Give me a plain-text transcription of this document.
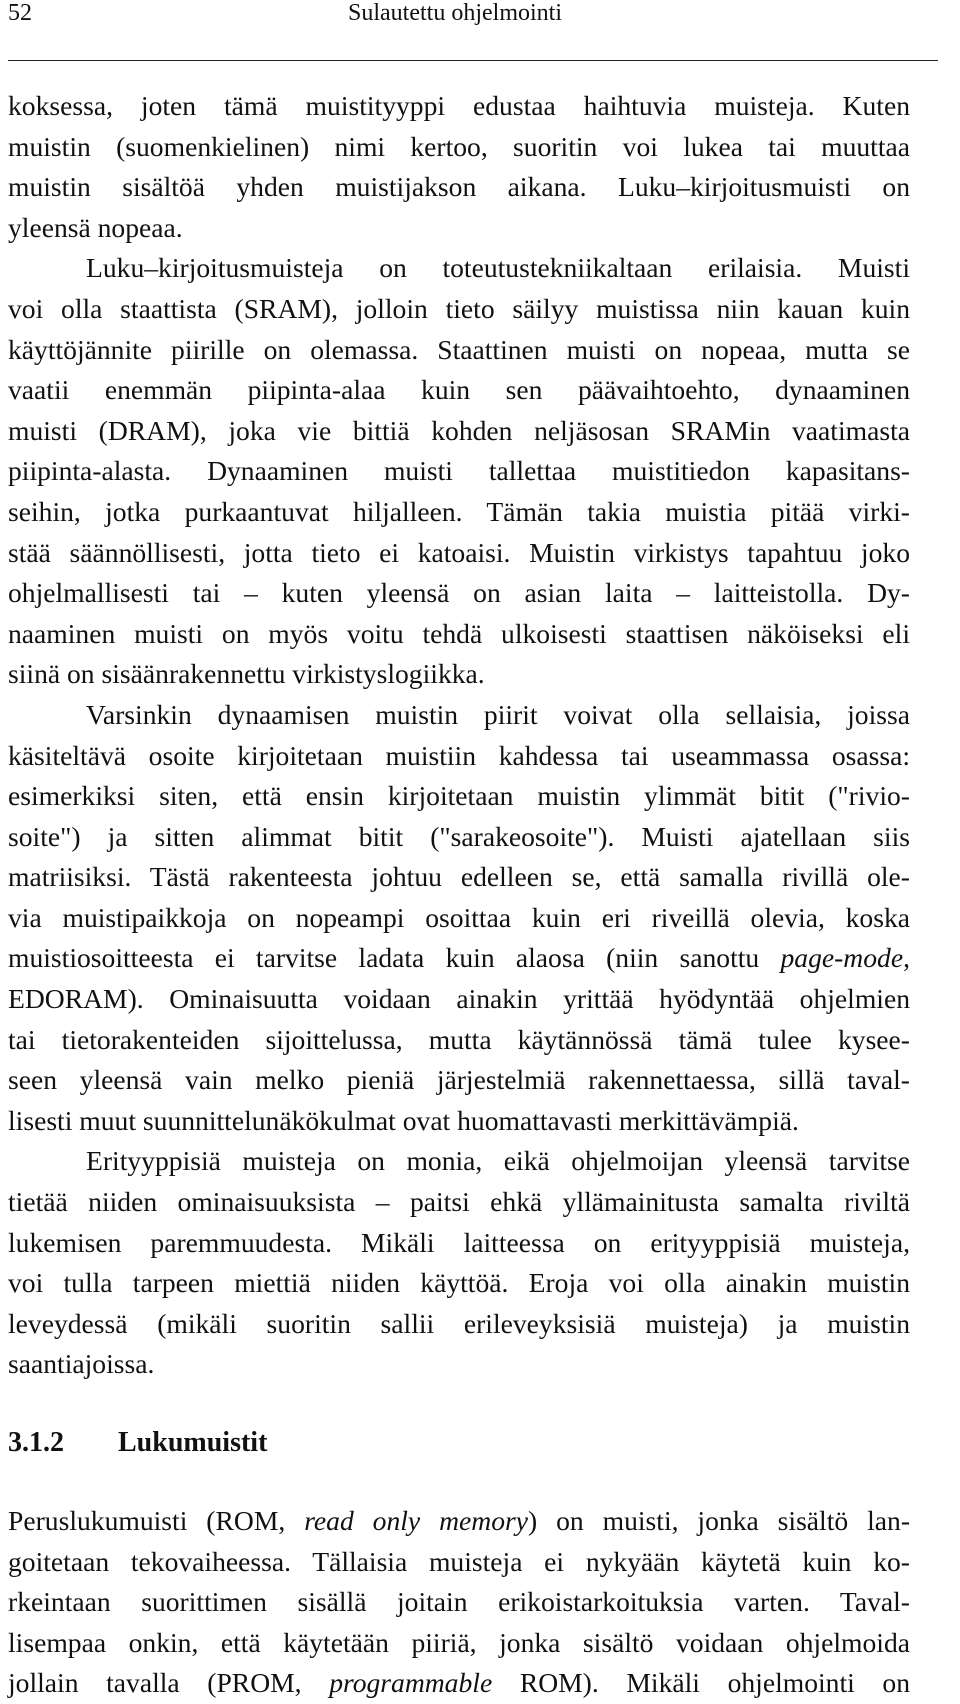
52	Sulautettu ohjelmointi

koksessa, joten tämä muistityyppi edustaa haihtuvia muisteja. Kuten
muistin (suomenkielinen) nimi kertoo, suoritin voi lukea tai muuttaa
muistin sisältöä yhden muistijakson aikana. Luku–kirjoitusmuisti on
yleensä nopeaa.

Luku–kirjoitusmuisteja on toteutustekniikaltaan erilaisia. Muisti
voi olla staattista (SRAM), jolloin tieto säilyy muistissa niin kauan kuin
käyttöjännite piirille on olemassa. Staattinen muisti on nopeaa, mutta se
vaatii enemmän piipinta-alaa kuin sen päävaihtoehto, dynaaminen
muisti (DRAM), joka vie bittiä kohden neljäsosan SRAMin vaatimasta
piipinta-alasta. Dynaaminen muisti tallettaa muistitiedon kapasitans-
seihin, jotka purkaantuvat hiljalleen. Tämän takia muistia pitää virki-
stää säännöllisesti, jotta tieto ei katoaisi. Muistin virkistys tapahtuu joko
ohjelmallisesti tai – kuten yleensä on asian laita – laitteistolla. Dy-
naaminen muisti on myös voitu tehdä ulkoisesti staattisen näköiseksi eli
siinä on sisäänrakennettu virkistyslogiikka.

Varsinkin dynaamisen muistin piirit voivat olla sellaisia, joissa
käsiteltävä osoite kirjoitetaan muistiin kahdessa tai useammassa osassa:
esimerkiksi siten, että ensin kirjoitetaan muistin ylimmät bitit ("rivio-
soite") ja sitten alimmat bitit ("sarakeosoite"). Muisti ajatellaan siis
matriisiksi. Tästä rakenteesta johtuu edelleen se, että samalla rivillä ole-
via muistipaikkoja on nopeampi osoittaa kuin eri riveillä olevia, koska
muistiosoitteesta ei tarvitse ladata kuin alaosa (niin sanottu page-mode,
EDORAM). Ominaisuutta voidaan ainakin yrittää hyödyntää ohjelmien
tai tietorakenteiden sijoittelussa, mutta käytännössä tämä tulee kysee-
seen yleensä vain melko pieniä järjestelmiä rakennettaessa, sillä taval-
lisesti muut suunnittelunäkökulmat ovat huomattavasti merkittävämpiä.

Erityyppisiä muisteja on monia, eikä ohjelmoijan yleensä tarvitse
tietää niiden ominaisuuksista – paitsi ehkä yllämainitusta samalta riviltä
lukemisen paremmuudesta. Mikäli laitteessa on erityyppisiä muisteja,
voi tulla tarpeen miettiä niiden käyttöä. Eroja voi olla ainakin muistin
leveydessä (mikäli suoritin sallii erileveyksisiä muisteja) ja muistin
saantiajoissa.

3.1.2 Lukumuistit

Peruslukumuisti (ROM, read only memory) on muisti, jonka sisältö lan-
goitetaan tekovaiheessa. Tällaisia muisteja ei nykyään käytetä kuin ko-
rkeintaan suorittimen sisällä joitain erikoistarkoituksia varten. Taval-
lisempaa onkin, että käytetään piiriä, jonka sisältö voidaan ohjelmoida
jollain tavalla (PROM, programmable ROM). Mikäli ohjelmointi on
